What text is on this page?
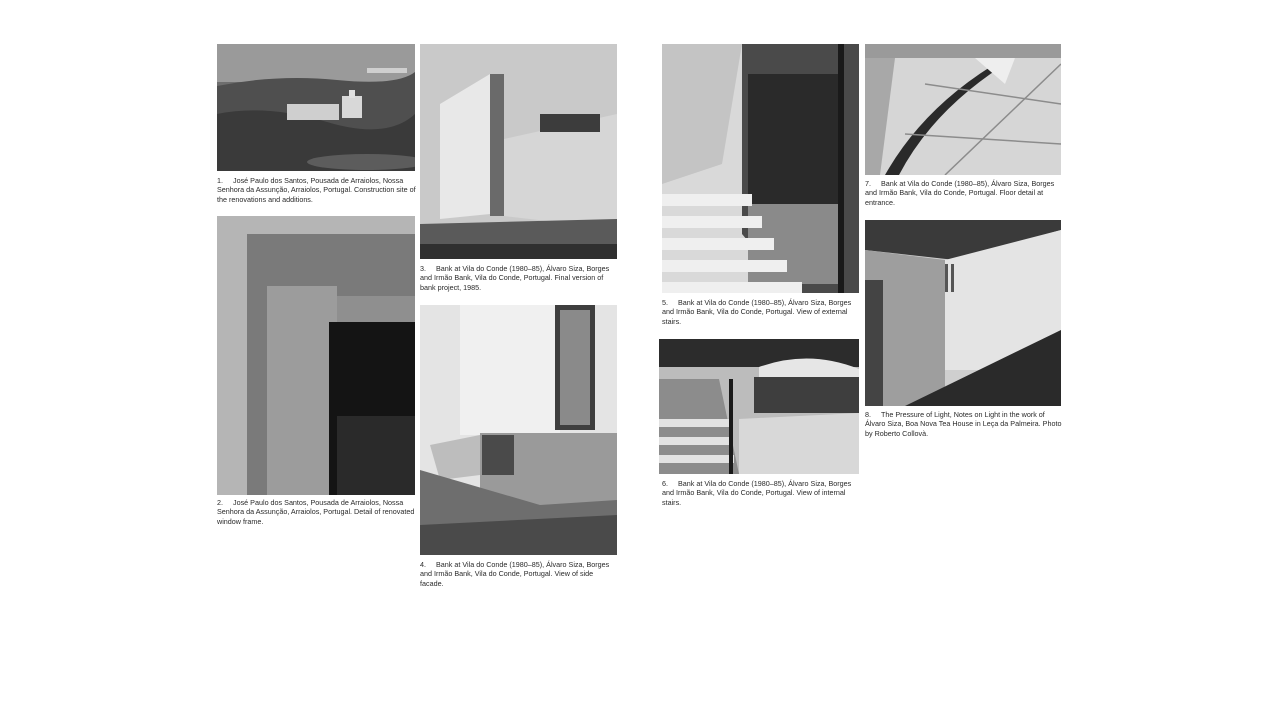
1. José Paulo dos Santos, Pousada de Arraiolos, Nossa Senhora da Assunção, Arraiolos, Portugal. Construction site of the renovations and additions.

2. José Paulo dos Santos, Pousada de Arraiolos, Nossa Senhora da Assunção, Arraiolos, Portugal. Detail of renovated window frame.

3. Bank at Vila do Conde (1980–85), Álvaro Siza, Borges and Irmão Bank, Vila do Conde, Portugal. Final version of bank project, 1985.

4. Bank at Vila do Conde (1980–85), Álvaro Siza, Borges and Irmão Bank, Vila do Conde, Portugal. View of side facade.

5. Bank at Vila do Conde (1980–85), Álvaro Siza, Borges and Irmão Bank, Vila do Conde, Portugal. View of external stairs.

6. Bank at Vila do Conde (1980–85), Álvaro Siza, Borges and Irmão Bank, Vila do Conde, Portugal. View of internal stairs.

7. Bank at Vila do Conde (1980–85), Álvaro Siza, Borges and Irmão Bank, Vila do Conde, Portugal. Floor detail at entrance.

8. The Pressure of Light, Notes on Light in the work of Álvaro Siza, Boa Nova Tea House in Leça da Palmeira. Photo by Roberto Collovà.
